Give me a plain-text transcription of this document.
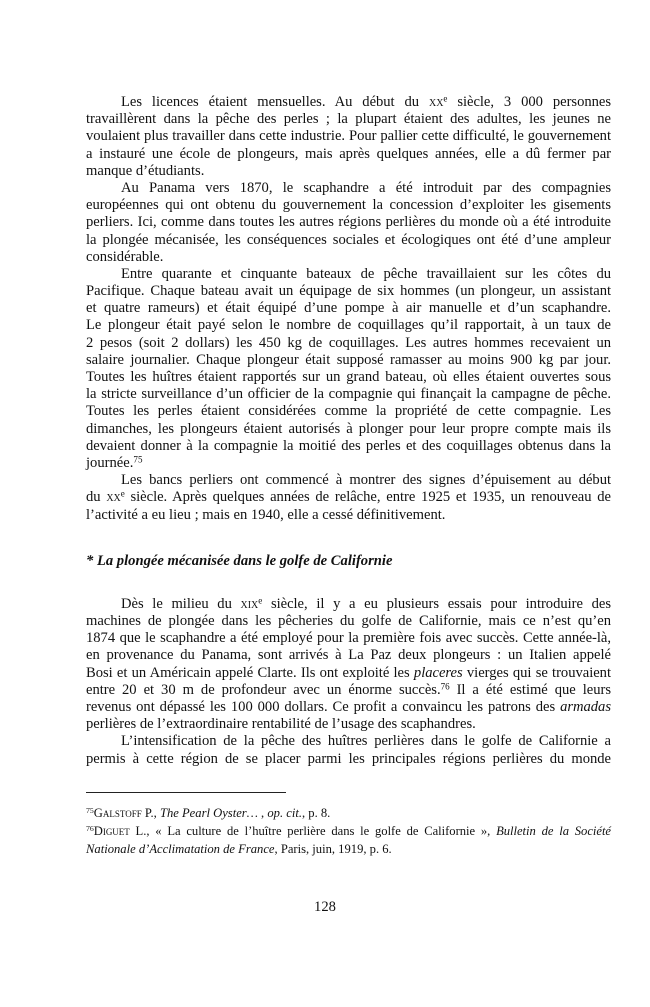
Les licences étaient mensuelles. Au début du $xx^e$ siècle, 3 000 personnes
travaillèrent dans la pêche des perles ; la plupart étaient des adultes, les jeunes ne
voulaient plus travailler dans cette industrie. Pour pallier cette difficulté, le gouvernement
a instauré une école de plongeurs, mais après quelques années, elle a dû fermer par
manque d’étudiants.
Au Panama vers 1870, le scaphandre a été introduit par des compagnies
européennes qui ont obtenu du gouvernement la concession d’exploiter les gisements
perliers. Ici, comme dans toutes les autres régions perlières du monde où a été introduite
la plongée mécanisée, les conséquences sociales et écologiques ont été d’une ampleur
considérable.
Entre quarante et cinquante bateaux de pêche travaillaient sur les côtes du
Pacifique. Chaque bateau avait un équipage de six hommes (un plongeur, un assistant
et quatre rameurs) et était équipé d’une pompe à air manuelle et d’un scaphandre.
Le plongeur était payé selon le nombre de coquillages qu’il rapportait, à un taux de
2 pesos (soit 2 dollars) les 450 kg de coquillages. Les autres hommes recevaient un
salaire journalier. Chaque plongeur était supposé ramasser au moins 900 kg par jour.
Toutes les huîtres étaient rapportés sur un grand bateau, où elles étaient ouvertes sous
la stricte surveillance d’un officier de la compagnie qui finançait la campagne de pêche.
Toutes les perles étaient considérées comme la propriété de cette compagnie. Les
dimanches, les plongeurs étaient autorisés à plonger pour leur propre compte mais ils
devaient donner à la compagnie la moitié des perles et des coquillages obtenus dans la
journée.$^{75}$
Les bancs perliers ont commencé à montrer des signes d’épuisement au début
du $xx^e$ siècle. Après quelques années de relâche, entre 1925 et 1935, un renouveau de
l’activité a eu lieu ; mais en 1940, elle a cessé définitivement.
* La plongée mécanisée dans le golfe de Californie
Dès le milieu du xix$^e$ siècle, il y a eu plusieurs essais pour introduire des
machines de plongée dans les pêcheries du golfe de Californie, mais ce n’est qu’en
1874 que le scaphandre a été employé pour la première fois avec succès. Cette année-là,
en provenance du Panama, sont arrivés à La Paz deux plongeurs : un Italien appelé
Bosi et un Américain appelé Clarte. Ils ont exploité les placeres vierges qui se trouvaient
entre 20 et 30 m de profondeur avec un énorme succès.$^{76}$ Il a été estimé que leurs
revenus ont dépassé les 100 000 dollars. Ce profit a convaincu les patrons des armadas
perlières de l’extraordinaire rentabilité de l’usage des scaphandres.
L’intensification de la pêche des huîtres perlières dans le golfe de Californie a
permis à cette région de se placer parmi les principales régions perlières du monde
$^{75}$Galstoff P., The Pearl Oyster… , op. cit., p. 8.
$^{76}$Diguet L., « La culture de l’huître perlière dans le golfe de Californie », Bulletin de la Société
Nationale d’Acclimatation de France, Paris, juin, 1919, p. 6.
128
